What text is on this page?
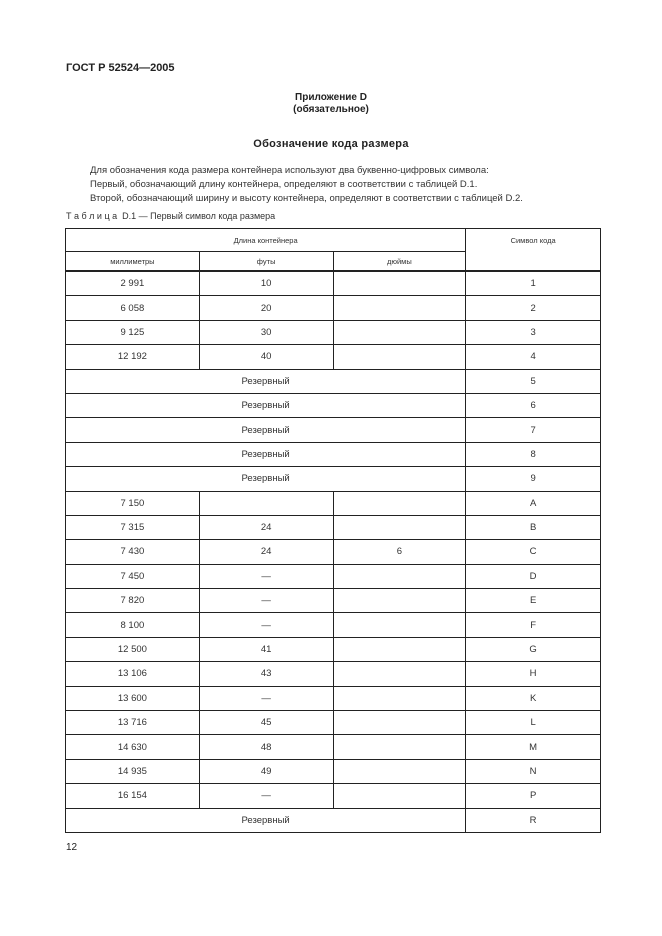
ГОСТ Р 52524—2005
Приложение D
(обязательное)
Обозначение кода размера
Для обозначения кода размера контейнера используют два буквенно-цифровых символа:
Первый, обозначающий длину контейнера, определяют в соответствии с таблицей D.1.
Второй, обозначающий ширину и высоту контейнера, определяют в соответствии с таблицей D.2.
Т а б л и ц а  D.1 — Первый символ кода размера
Длина контейнера			Символ кода
миллиметры	футы	дюймы	
2 991	10		1
6 058	20		2
9 125	30		3
12 192	40		4
Резервный			5
Резервный			6
Резервный			7
Резервный			8
Резервный			9
7 150			A
7 315	24		B
7 430	24	6	C
7 450	—		D
7 820	—		E
8 100	—		F
12 500	41		G
13 106	43		H
13 600	—		K
13 716	45		L
14 630	48		M
14 935	49		N
16 154	—		P
Резервный			R
12
